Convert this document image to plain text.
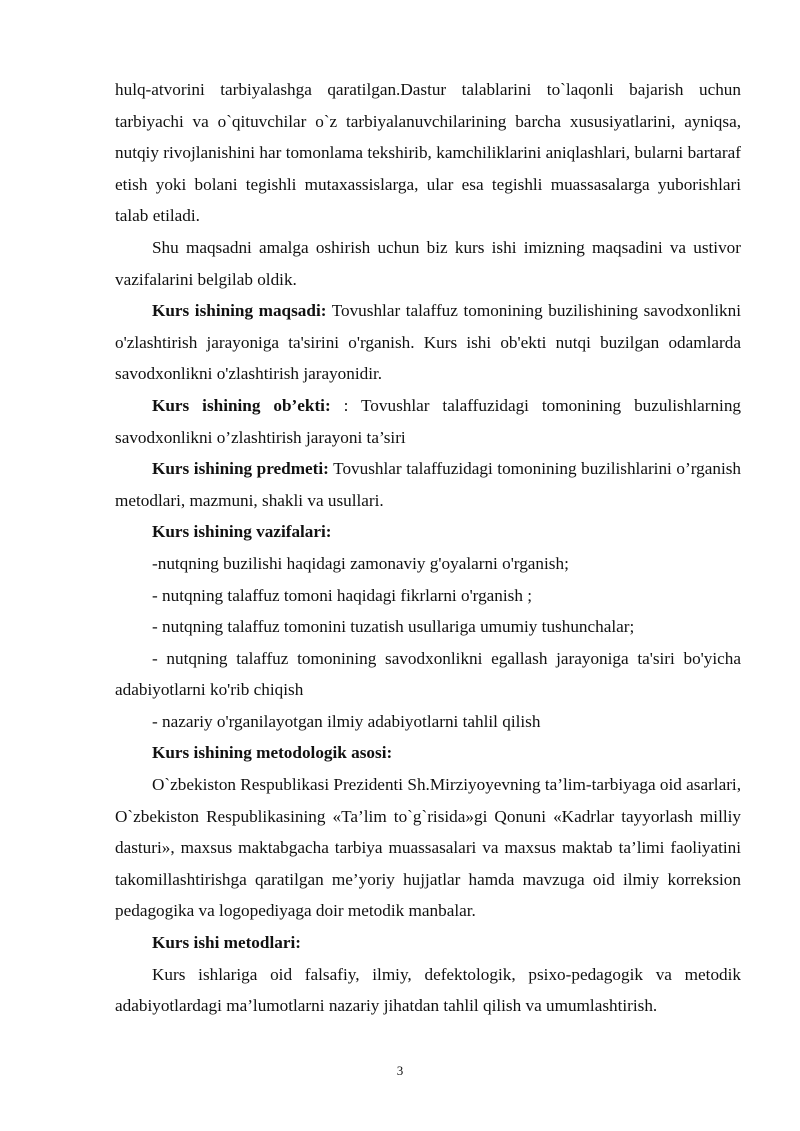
hulq-atvorini tarbiyalashga qaratilgan.Dastur talablarini to`laqonli bajarish uchun tarbiyachi va o`qituvchilar o`z tarbiyalanuvchilarining barcha xususiyatlarini, ayniqsa, nutqiy rivojlanishini har tomonlama tekshirib, kamchiliklarini aniqlashlari, bularni bartaraf etish yoki bolani tegishli mutaxassislarga, ular esa tegishli muassasalarga yuborishlari talab etiladi.

Shu maqsadni amalga oshirish uchun biz kurs ishi imizning maqsadini va ustivor vazifalarini belgilab oldik.

Kurs ishining maqsadi: Tovushlar talaffuz tomonining buzilishining savodxonlikni o'zlashtirish jarayoniga ta'sirini o'rganish. Kurs ishi ob'ekti nutqi buzilgan odamlarda savodxonlikni o'zlashtirish jarayonidir.

Kurs ishining ob’ekti: : Tovushlar talaffuzidagi tomonining buzulishlarning savodxonlikni o’zlashtirish jarayoni ta’siri

Kurs ishining predmeti: Tovushlar talaffuzidagi tomonining buzilishlarini o’rganish metodlari, mazmuni, shakli va usullari.

Kurs ishining vazifalari:

-nutqning buzilishi haqidagi zamonaviy g'oyalarni o'rganish;

- nutqning talaffuz tomoni haqidagi fikrlarni o'rganish ;

- nutqning talaffuz tomonini tuzatish usullariga umumiy tushunchalar;

- nutqning talaffuz tomonining savodxonlikni egallash jarayoniga ta'siri bo'yicha adabiyotlarni ko'rib chiqish

- nazariy o'rganilayotgan ilmiy adabiyotlarni tahlil qilish

Kurs ishining metodologik asosi:

O`zbekiston Respublikasi Prezidenti Sh.Mirziyoyevning ta’lim-tarbiyaga oid asarlari, O`zbekiston Respublikasining «Ta’lim to`g`risida»gi Qonuni «Kadrlar tayyorlash milliy dasturi», maxsus maktabgacha tarbiya muassasalari va maxsus maktab ta’limi faoliyatini takomillashtirishga qaratilgan me’yoriy hujjatlar hamda mavzuga oid ilmiy korreksion pedagogika va logopediyaga doir metodik manbalar.

Kurs ishi metodlari:

Kurs ishlariga oid falsafiy, ilmiy, defektologik, psixo-pedagogik va metodik adabiyotlardagi ma’lumotlarni nazariy jihatdan tahlil qilish va umumlashtirish.

3
